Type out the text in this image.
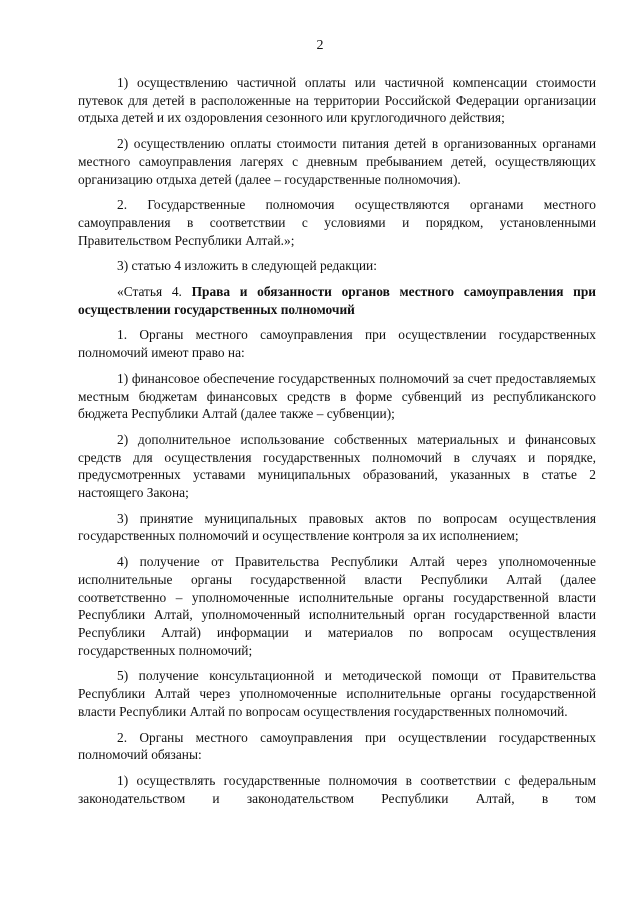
2

1) осуществлению частичной оплаты или частичной компенсации стоимости путевок для детей в расположенные на территории Российской Федерации организации отдыха детей и их оздоровления сезонного или круглогодичного действия;

2) осуществлению оплаты стоимости питания детей в организованных органами местного самоуправления лагерях с дневным пребыванием детей, осуществляющих организацию отдыха детей (далее – государственные полномочия).

2. Государственные полномочия осуществляются органами местного самоуправления в соответствии с условиями и порядком, установленными Правительством Республики Алтай.»;

3) статью 4 изложить в следующей редакции:

«Статья 4. Права и обязанности органов местного самоуправления при осуществлении государственных полномочий

1. Органы местного самоуправления при осуществлении государственных полномочий имеют право на:

1) финансовое обеспечение государственных полномочий за счет предоставляемых местным бюджетам финансовых средств в форме субвенций из республиканского бюджета Республики Алтай (далее также – субвенции);

2) дополнительное использование собственных материальных и финансовых средств для осуществления государственных полномочий в случаях и порядке, предусмотренных уставами муниципальных образований, указанных в статье 2 настоящего Закона;

3) принятие муниципальных правовых актов по вопросам осуществления государственных полномочий и осуществление контроля за их исполнением;

4) получение от Правительства Республики Алтай через уполномоченные исполнительные органы государственной власти Республики Алтай (далее соответственно – уполномоченные исполнительные органы государственной власти Республики Алтай, уполномоченный исполнительный орган государственной власти Республики Алтай) информации и материалов по вопросам осуществления государственных полномочий;

5) получение консультационной и методической помощи от Правительства Республики Алтай через уполномоченные исполнительные органы государственной власти Республики Алтай по вопросам осуществления государственных полномочий.

2. Органы местного самоуправления при осуществлении государственных полномочий обязаны:

1) осуществлять государственные полномочия в соответствии с федеральным законодательством и законодательством Республики Алтай, в том
